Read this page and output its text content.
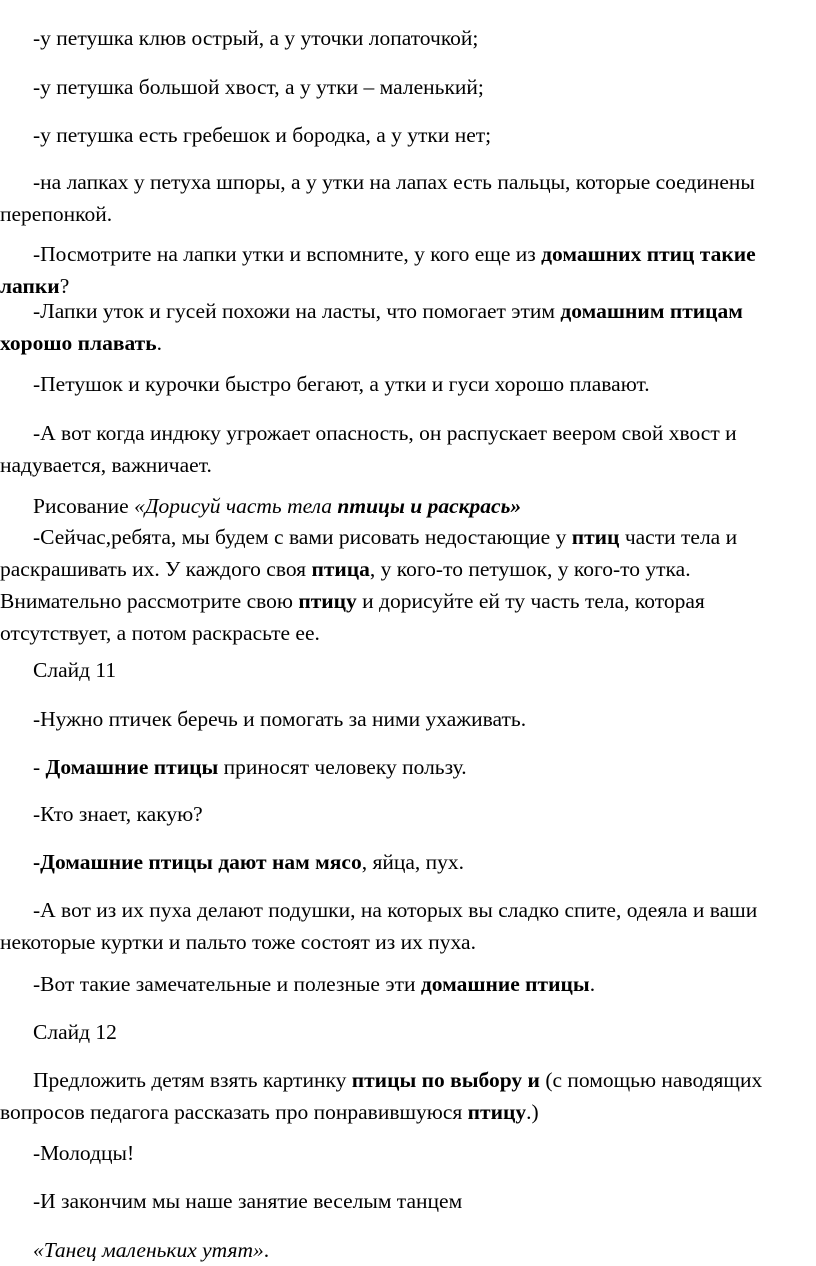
-у петушка клюв острый, а у уточки лопаточкой;

-у петушка большой хвост, а у утки – маленький;

-у петушка есть гребешок и бородка, а у утки нет;

-на лапках у петуха шпоры, а у утки на лапах есть пальцы, которые соединены перепонкой.

-Посмотрите на лапки утки и вспомните, у кого еще из домашних птиц такие лапки?

-Лапки уток и гусей похожи на ласты, что помогает этим домашним птицам хорошо плавать.

-Петушок и курочки быстро бегают, а утки и гуси хорошо плавают.

-А вот когда индюку угрожает опасность, он распускает веером свой хвост и надувается, важничает.

Рисование «Дорисуй часть тела птицы и раскрась»

-Сейчас,ребята, мы будем с вами рисовать недостающие у птиц части тела и раскрашивать их. У каждого своя птица, у кого-то петушок, у кого-то утка. Внимательно рассмотрите свою птицу и дорисуйте ей ту часть тела, которая отсутствует, а потом раскрасьте ее.

Слайд 11

-Нужно птичек беречь и помогать за ними ухаживать.

- Домашние птицы приносят человеку пользу.

-Кто знает, какую?

-Домашние птицы дают нам мясо, яйца, пух.

-А вот из их пуха делают подушки, на которых вы сладко спите, одеяла и ваши некоторые куртки и пальто тоже состоят из их пуха.

-Вот такие замечательные и полезные эти домашние птицы.

Слайд 12

Предложить детям взять картинку птицы по выбору и (с помощью наводящих вопросов педагога рассказать про понравившуюся птицу.)

-Молодцы!

-И закончим мы наше занятие веселым танцем

«Танец маленьких утят».
